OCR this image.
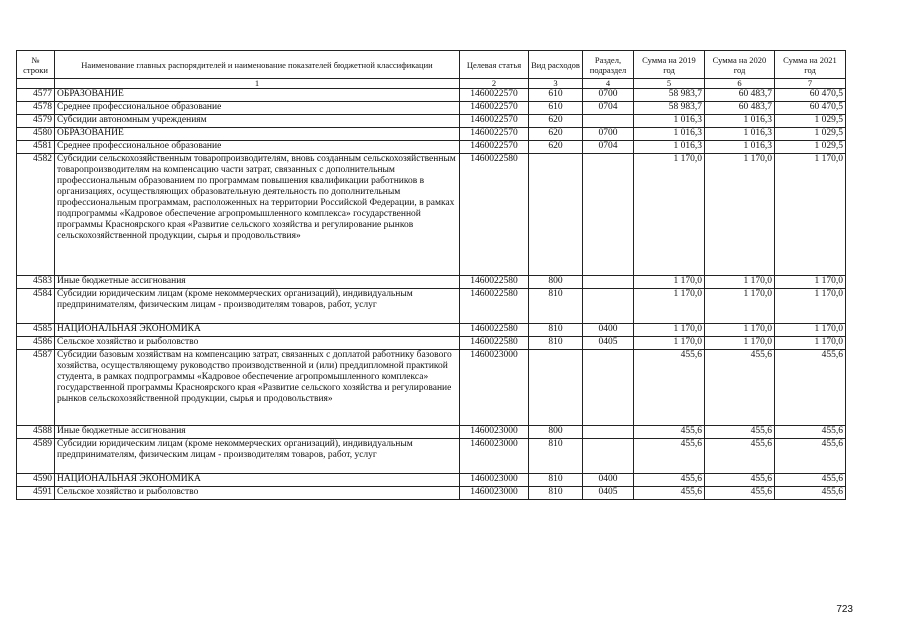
№ строки	Наименование главных распорядителей и наименование показателей бюджетной классификации	Целевая статья	Вид расходов	Раздел, подраздел	Сумма на 2019 год	Сумма на 2020 год	Сумма на 2021 год
	1	2	3	4	5	6	7
4577	ОБРАЗОВАНИЕ	1460022570	610	0700	58 983,7	60 483,7	60 470,5
4578	Среднее профессиональное образование	1460022570	610	0704	58 983,7	60 483,7	60 470,5
4579	Субсидии автономным учреждениям	1460022570	620		1 016,3	1 016,3	1 029,5
4580	ОБРАЗОВАНИЕ	1460022570	620	0700	1 016,3	1 016,3	1 029,5
4581	Среднее профессиональное образование	1460022570	620	0704	1 016,3	1 016,3	1 029,5
4582	Субсидии сельскохозяйственным товаропроизводителям, вновь созданным сельскохозяйственным товаропроизводителям на компенсацию части затрат, связанных с дополнительным профессиональным образованием по программам повышения квалификации работников в организациях, осуществляющих образовательную деятельность по дополнительным профессиональным программам, расположенных на территории Российской Федерации, в рамках подпрограммы «Кадровое обеспечение агропромышленного комплекса» государственной программы Красноярского края «Развитие сельского хозяйства и регулирование рынков сельскохозяйственной продукции, сырья и продовольствия»	1460022580			1 170,0	1 170,0	1 170,0
4583	Иные бюджетные ассигнования	1460022580	800		1 170,0	1 170,0	1 170,0
4584	Субсидии юридическим лицам (кроме некоммерческих организаций), индивидуальным предпринимателям, физическим лицам - производителям товаров, работ, услуг	1460022580	810		1 170,0	1 170,0	1 170,0
4585	НАЦИОНАЛЬНАЯ ЭКОНОМИКА	1460022580	810	0400	1 170,0	1 170,0	1 170,0
4586	Сельское хозяйство и рыболовство	1460022580	810	0405	1 170,0	1 170,0	1 170,0
4587	Субсидии базовым хозяйствам на компенсацию затрат, связанных с доплатой работнику базового хозяйства, осуществляющему руководство производственной и (или) преддипломной практикой студента, в рамках подпрограммы «Кадровое обеспечение агропромышленного комплекса» государственной программы Красноярского края «Развитие сельского хозяйства и регулирование рынков сельскохозяйственной продукции, сырья и продовольствия»	1460023000			455,6	455,6	455,6
4588	Иные бюджетные ассигнования	1460023000	800		455,6	455,6	455,6
4589	Субсидии юридическим лицам (кроме некоммерческих организаций), индивидуальным предпринимателям, физическим лицам - производителям товаров, работ, услуг	1460023000	810		455,6	455,6	455,6
4590	НАЦИОНАЛЬНАЯ ЭКОНОМИКА	1460023000	810	0400	455,6	455,6	455,6
4591	Сельское хозяйство и рыболовство	1460023000	810	0405	455,6	455,6	455,6
723
